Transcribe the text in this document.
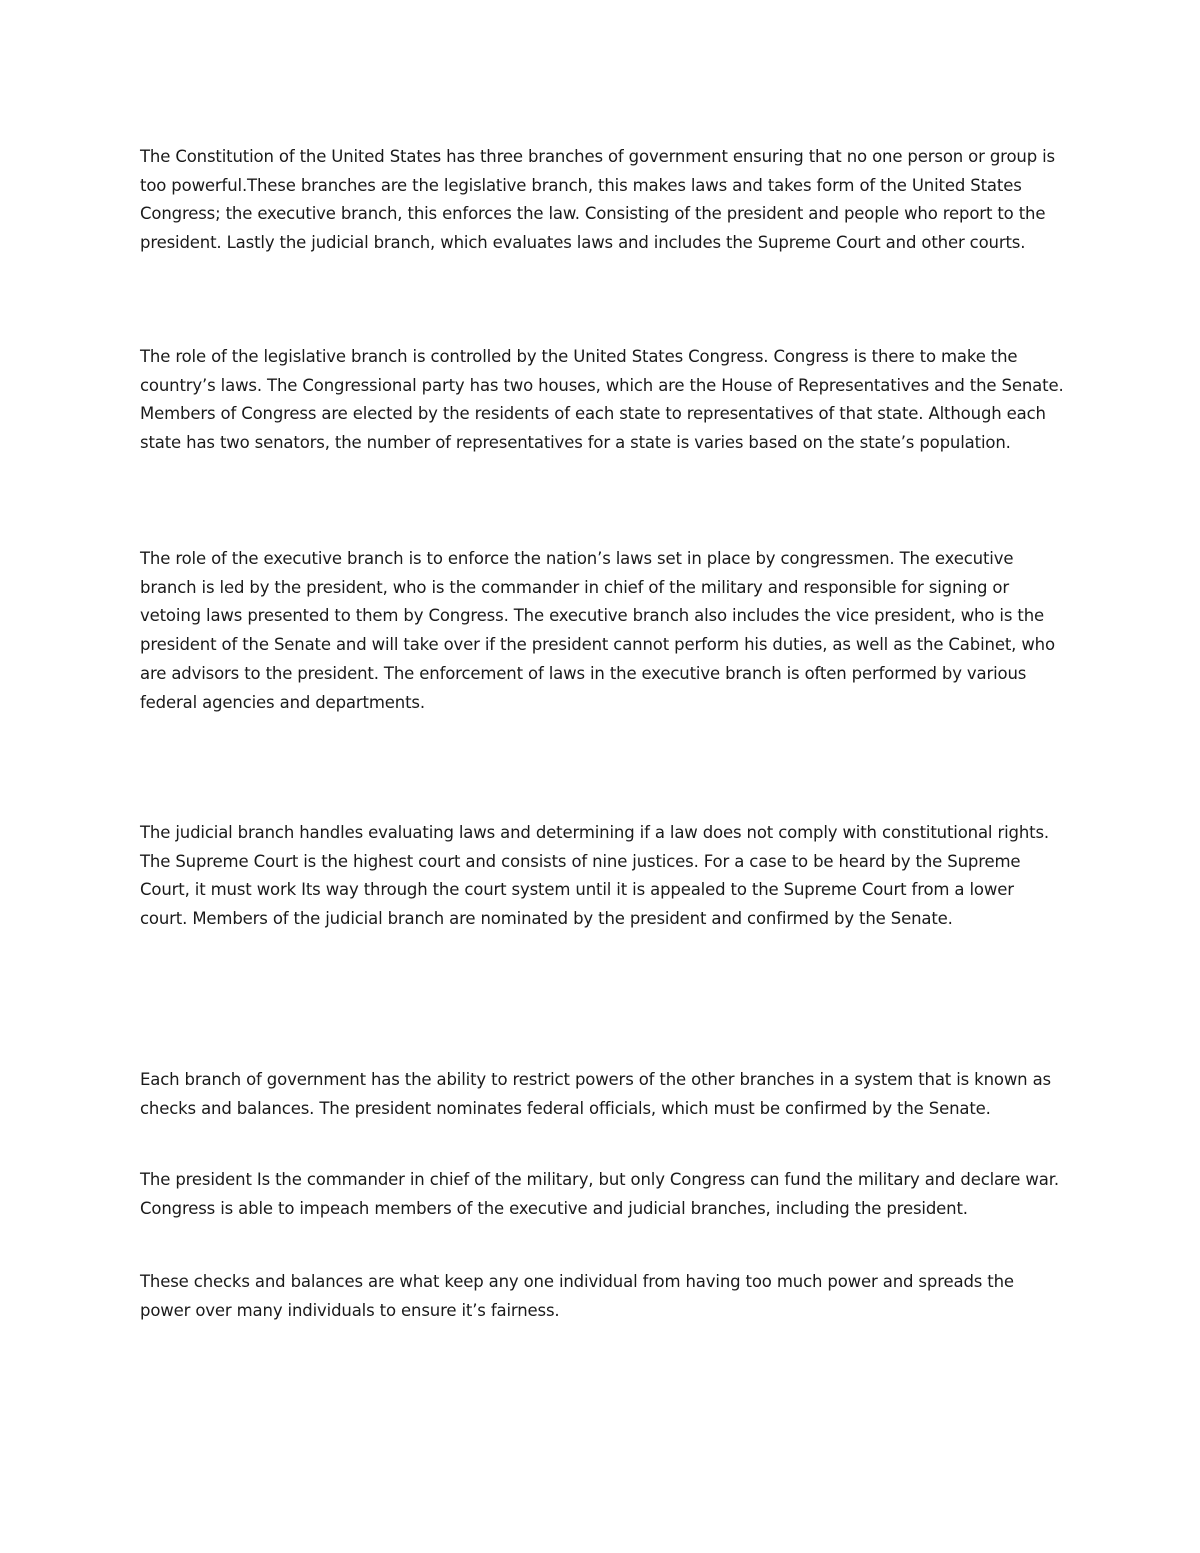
The Constitution of the United States has three branches of government ensuring that no one person or group is too powerful.These branches are the legislative branch, this makes laws and takes form of the United States Congress; the executive branch, this enforces the law. Consisting of the president and people who report to the president. Lastly the judicial branch, which evaluates laws and includes the Supreme Court and other courts.

The role of the legislative branch is controlled by the United States Congress. Congress is there to make the country’s laws. The Congressional party has two houses, which are the House of Representatives and the Senate. Members of Congress are elected by the residents of each state to representatives of that state. Although each state has two senators, the number of representatives for a state is varies based on the state’s population.

The role of the executive branch is to enforce the nation’s laws set in place by congressmen. The executive branch is led by the president, who is the commander in chief of the military and responsible for signing or vetoing laws presented to them by Congress. The executive branch also includes the vice president, who is the president of the Senate and will take over if the president cannot perform his duties, as well as the Cabinet, who are advisors to the president. The enforcement of laws in the executive branch is often performed by various federal agencies and departments.

The judicial branch handles evaluating laws and determining if a law does not comply with constitutional rights. The Supreme Court is the highest court and consists of nine justices. For a case to be heard by the Supreme Court, it must work Its way through the court system until it is appealed to the Supreme Court from a lower court. Members of the judicial branch are nominated by the president and confirmed by the Senate.

Each branch of government has the ability to restrict powers of the other branches in a system that is known as checks and balances. The president nominates federal officials, which must be confirmed by the Senate.

The president Is the commander in chief of the military, but only Congress can fund the military and declare war. Congress is able to impeach members of the executive and judicial branches, including the president.

These checks and balances are what keep any one individual from having too much power and spreads the power over many individuals to ensure it’s fairness.
